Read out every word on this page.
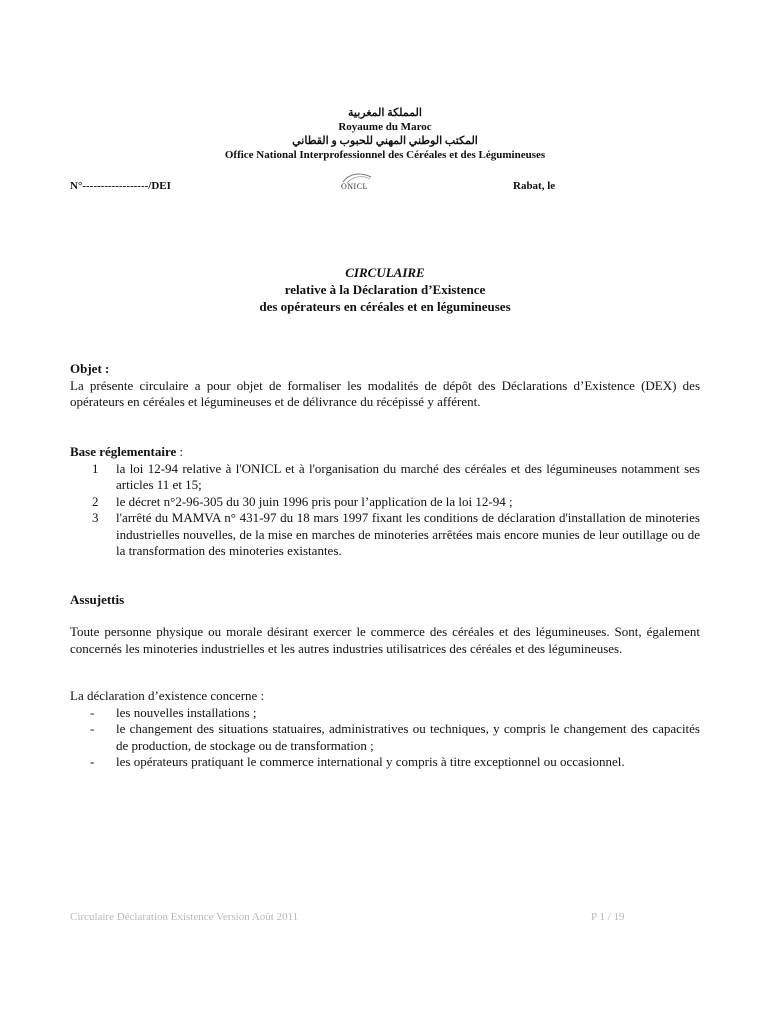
المملكة المغربية
Royaume du Maroc
المكتب الوطني المهني للحبوب و القطاني
Office National Interprofessionnel des Céréales et des Légumineuses
N°------------------/DEI	ONICL	Rabat, le
CIRCULAIRE
relative à la Déclaration d’Existence
des opérateurs en céréales et en légumineuses
Objet :
La présente circulaire a pour objet de formaliser les modalités de dépôt des Déclarations d’Existence (DEX) des opérateurs en céréales et légumineuses et de délivrance du récépissé y afférent.
Base réglementaire :
1 la loi 12-94 relative à l'ONICL et à l'organisation du marché des céréales et des légumineuses notamment ses articles 11 et 15;
2 le décret n°2-96-305 du 30 juin 1996 pris pour l’application de la loi 12-94 ;
3 l'arrêté du MAMVA n° 431-97 du 18 mars 1997 fixant les conditions de déclaration d'installation de minoteries industrielles nouvelles, de la mise en marches de minoteries arrêtées mais encore munies de leur outillage ou de la transformation des minoteries existantes.
Assujettis
Toute personne physique ou morale désirant exercer le commerce des céréales et des légumineuses. Sont, également concernés les minoteries industrielles et les autres industries utilisatrices des céréales et des légumineuses.
La déclaration d’existence concerne :
- les nouvelles installations ;
- le changement des situations statuaires, administratives ou techniques, y compris le changement des capacités de production, de stockage ou de transformation ;
- les opérateurs pratiquant le commerce international y compris à titre exceptionnel ou occasionnel.
Circulaire Déclaration Existence Version Août 2011	P 1 / 19
